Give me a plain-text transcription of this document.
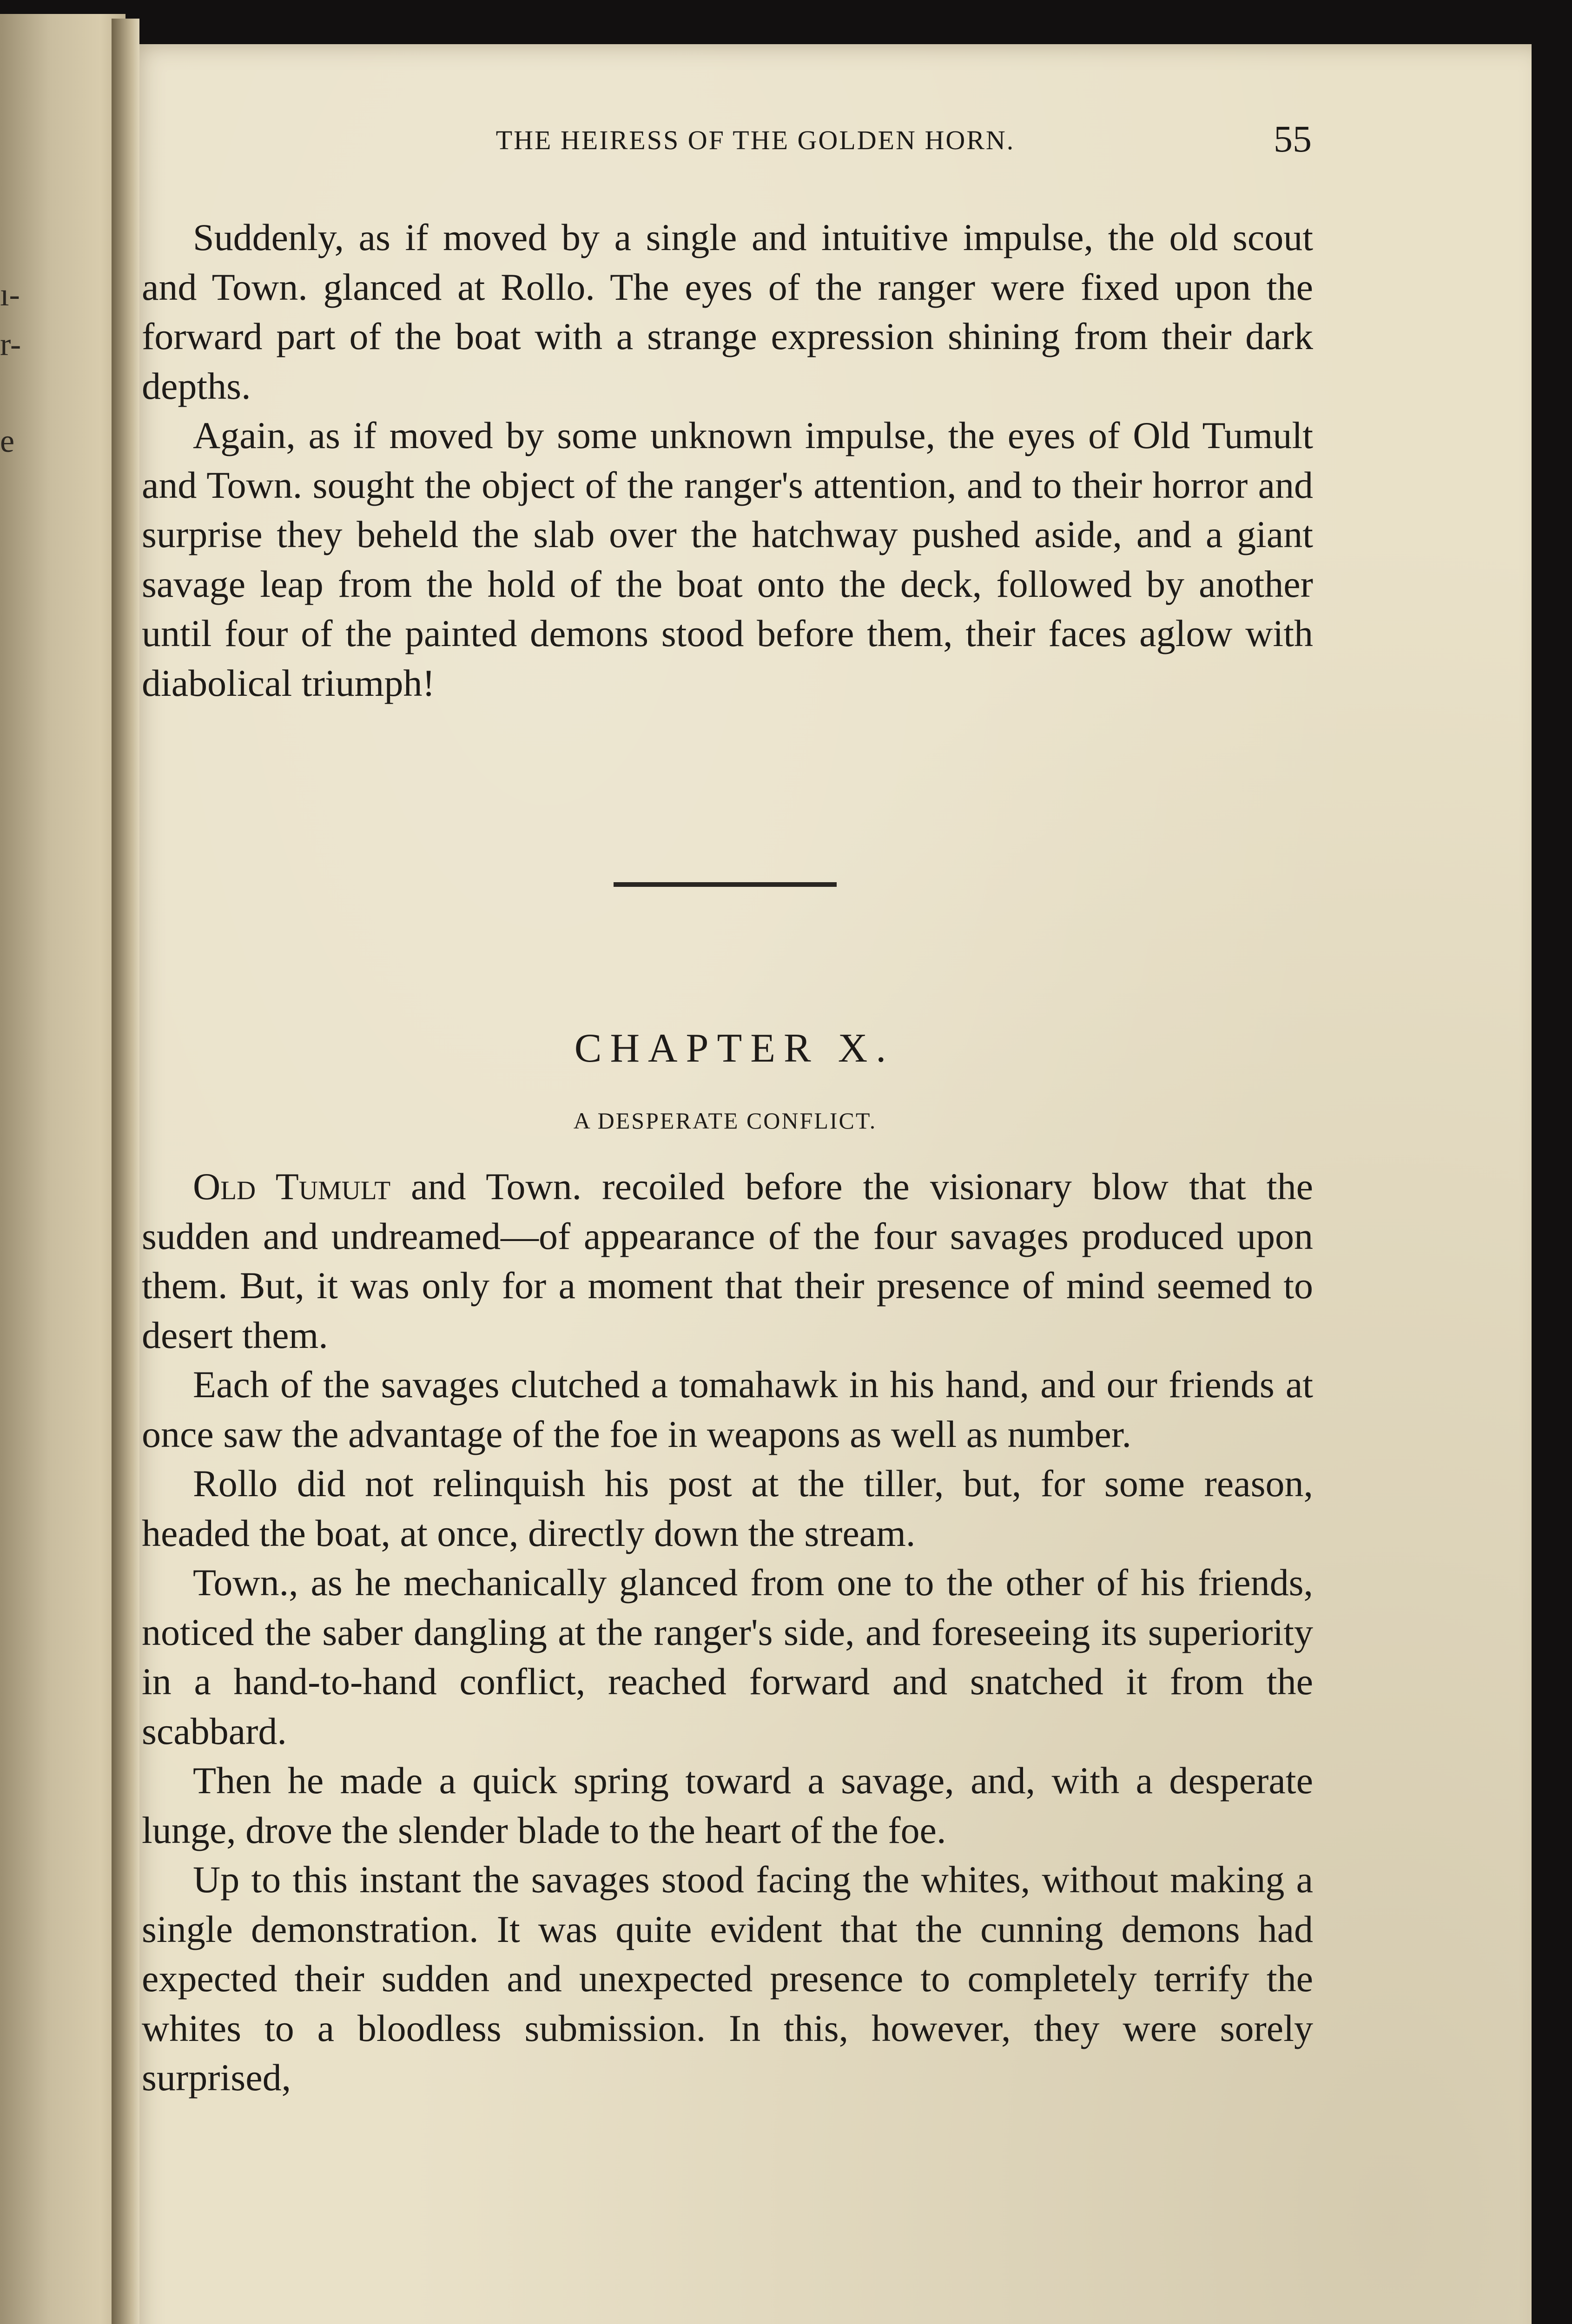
ı-
r-
e
THE HEIRESS OF THE GOLDEN HORN.	55

Suddenly, as if moved by a single and intuitive impulse, the old scout and Town. glanced at Rollo. The eyes of the ranger were fixed upon the forward part of the boat with a strange expression shining from their dark depths.

Again, as if moved by some unknown impulse, the eyes of Old Tumult and Town. sought the object of the ranger's attention, and to their horror and surprise they beheld the slab over the hatchway pushed aside, and a giant savage leap from the hold of the boat onto the deck, followed by another until four of the painted demons stood before them, their faces aglow with diabolical triumph!

CHAPTER X.
A DESPERATE CONFLICT.

Old Tumult and Town. recoiled before the visionary blow that the sudden and undreamed—of appearance of the four savages produced upon them. But, it was only for a moment that their presence of mind seemed to desert them.

Each of the savages clutched a tomahawk in his hand, and our friends at once saw the advantage of the foe in weapons as well as number.

Rollo did not relinquish his post at the tiller, but, for some reason, headed the boat, at once, directly down the stream.

Town., as he mechanically glanced from one to the other of his friends, noticed the saber dangling at the ranger's side, and foreseeing its superiority in a hand-to-hand conflict, reached forward and snatched it from the scabbard.

Then he made a quick spring toward a savage, and, with a desperate lunge, drove the slender blade to the heart of the foe.

Up to this instant the savages stood facing the whites, without making a single demonstration. It was quite evident that the cunning demons had expected their sudden and unexpected presence to completely terrify the whites to a bloodless submission. In this, however, they were sorely surprised,
